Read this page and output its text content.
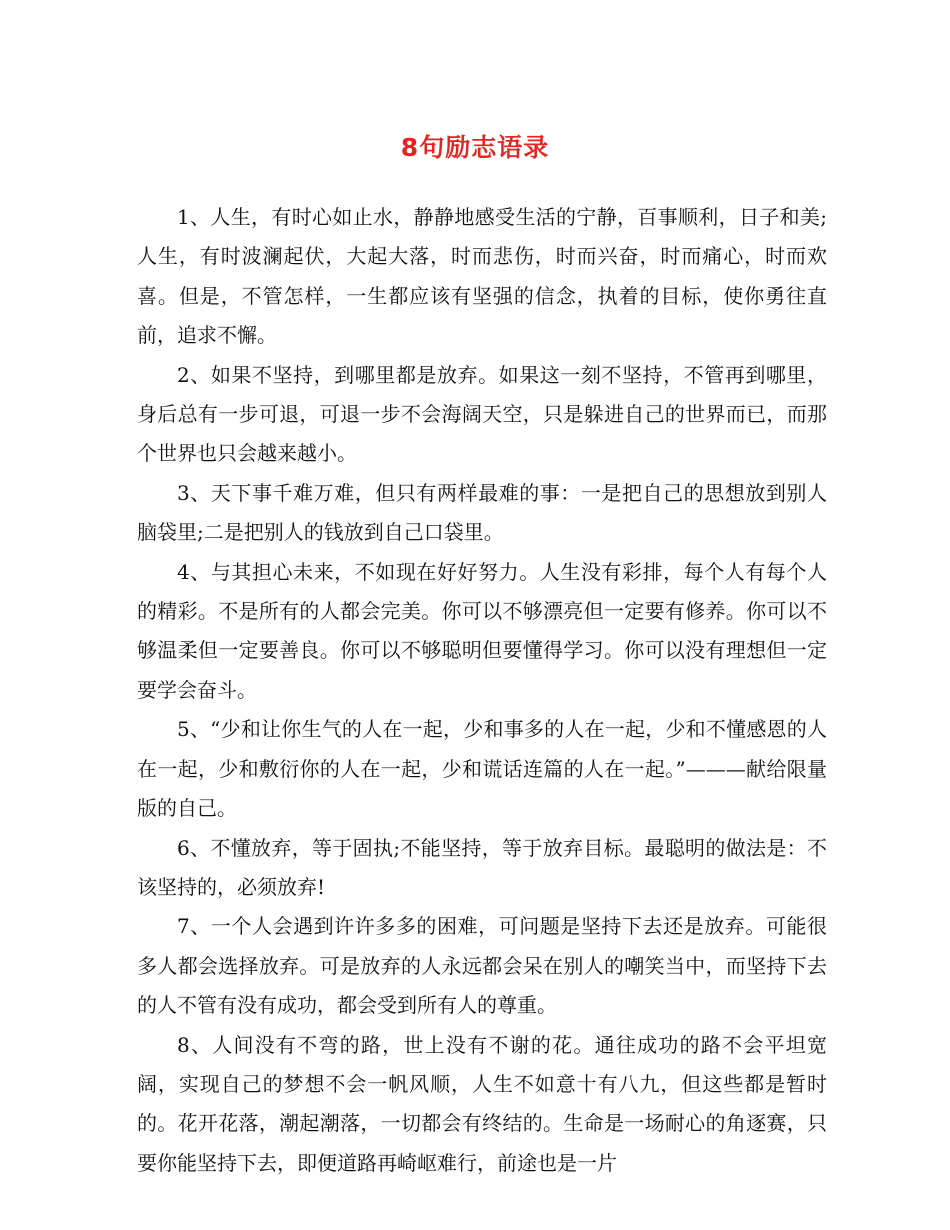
8句励志语录

1、人生，有时心如止水，静静地感受生活的宁静，百事顺利，日子和美;人生，有时波澜起伏，大起大落，时而悲伤，时而兴奋，时而痛心，时而欢喜。但是，不管怎样，一生都应该有坚强的信念，执着的目标，使你勇往直前，追求不懈。

2、如果不坚持，到哪里都是放弃。如果这一刻不坚持，不管再到哪里，身后总有一步可退，可退一步不会海阔天空，只是躲进自己的世界而已，而那个世界也只会越来越小。

3、天下事千难万难，但只有两样最难的事：一是把自己的思想放到别人脑袋里;二是把别人的钱放到自己口袋里。

4、与其担心未来，不如现在好好努力。人生没有彩排，每个人有每个人的精彩。不是所有的人都会完美。你可以不够漂亮但一定要有修养。你可以不够温柔但一定要善良。你可以不够聪明但要懂得学习。你可以没有理想但一定要学会奋斗。

5、“少和让你生气的人在一起，少和事多的人在一起，少和不懂感恩的人在一起，少和敷衍你的人在一起，少和谎话连篇的人在一起。”———献给限量版的自己。

6、不懂放弃，等于固执;不能坚持，等于放弃目标。最聪明的做法是：不该坚持的，必须放弃!

7、一个人会遇到许许多多的困难，可问题是坚持下去还是放弃。可能很多人都会选择放弃。可是放弃的人永远都会呆在别人的嘲笑当中，而坚持下去的人不管有没有成功，都会受到所有人的尊重。

8、人间没有不弯的路，世上没有不谢的花。通往成功的路不会平坦宽阔，实现自己的梦想不会一帆风顺，人生不如意十有八九，但这些都是暂时的。花开花落，潮起潮落，一切都会有终结的。生命是一场耐心的角逐赛，只要你能坚持下去，即便道路再崎岖难行，前途也是一片
